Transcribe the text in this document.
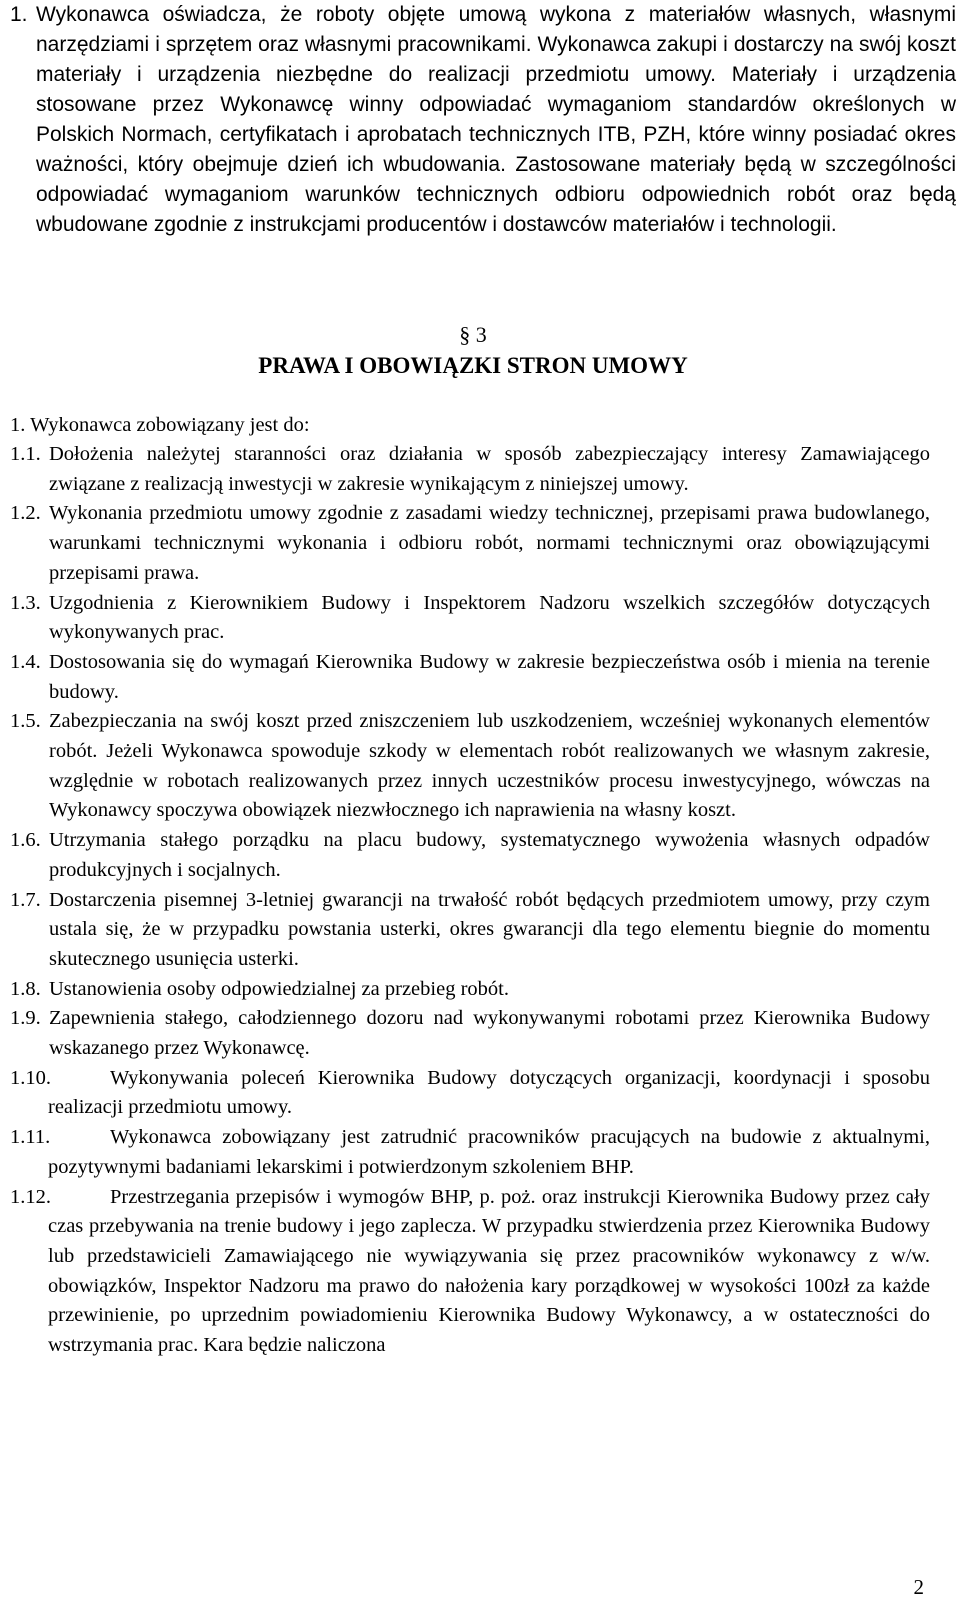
1. Wykonawca oświadcza, że roboty objęte umową wykona z materiałów własnych, własnymi narzędziami i sprzętem oraz własnymi pracownikami. Wykonawca zakupi i dostarczy na swój koszt materiały i urządzenia niezbędne do realizacji przedmiotu umowy. Materiały i urządzenia stosowane przez Wykonawcę winny odpowiadać wymaganiom standardów określonych w Polskich Normach, certyfikatach i aprobatach technicznych ITB, PZH, które winny posiadać okres ważności, który obejmuje dzień ich wbudowania. Zastosowane materiały będą w szczególności odpowiadać wymaganiom warunków technicznych odbioru odpowiednich robót oraz będą wbudowane zgodnie z instrukcjami producentów i dostawców materiałów i technologii.
§ 3
PRAWA I OBOWIĄZKI STRON UMOWY
1. Wykonawca zobowiązany jest do:
1.1. Dołożenia należytej staranności oraz działania w sposób zabezpieczający interesy Zamawiającego związane z realizacją inwestycji w zakresie wynikającym z niniejszej umowy.
1.2. Wykonania przedmiotu umowy zgodnie z zasadami wiedzy technicznej, przepisami prawa budowlanego, warunkami technicznymi wykonania i odbioru robót, normami technicznymi oraz obowiązującymi przepisami prawa.
1.3. Uzgodnienia z Kierownikiem Budowy i Inspektorem Nadzoru wszelkich szczegółów dotyczących wykonywanych prac.
1.4. Dostosowania się do wymagań Kierownika Budowy w zakresie bezpieczeństwa osób i mienia na terenie budowy.
1.5. Zabezpieczania na swój koszt przed zniszczeniem lub uszkodzeniem, wcześniej wykonanych elementów robót. Jeżeli Wykonawca spowoduje szkody w elementach robót realizowanych we własnym zakresie, względnie w robotach realizowanych przez innych uczestników procesu inwestycyjnego, wówczas na Wykonawcy spoczywa obowiązek niezwłocznego ich naprawienia na własny koszt.
1.6. Utrzymania stałego porządku na placu budowy, systematycznego wywożenia własnych odpadów produkcyjnych i socjalnych.
1.7. Dostarczenia pisemnej 3-letniej gwarancji na trwałość robót będących przedmiotem umowy, przy czym ustala się, że w przypadku powstania usterki, okres gwarancji dla tego elementu biegnie do momentu skutecznego usunięcia usterki.
1.8. Ustanowienia osoby odpowiedzialnej za przebieg robót.
1.9. Zapewnienia stałego, całodziennego dozoru nad wykonywanymi robotami przez Kierownika Budowy wskazanego przez Wykonawcę.
1.10.	Wykonywania poleceń Kierownika Budowy dotyczących organizacji, koordynacji i sposobu realizacji przedmiotu umowy.
1.11.	Wykonawca zobowiązany jest zatrudnić pracowników pracujących na budowie z aktualnymi, pozytywnymi badaniami lekarskimi i potwierdzonym szkoleniem BHP.
1.12.	Przestrzegania przepisów i wymogów BHP, p. poż. oraz instrukcji Kierownika Budowy przez cały czas przebywania na trenie budowy i jego zaplecza. W przypadku stwierdzenia przez Kierownika Budowy lub przedstawicieli Zamawiającego nie wywiązywania się przez pracowników wykonawcy z w/w. obowiązków, Inspektor Nadzoru ma prawo do nałożenia kary porządkowej w wysokości 100zł za każde przewinienie, po uprzednim powiadomieniu Kierownika Budowy Wykonawcy, a w ostateczności do wstrzymania prac. Kara będzie naliczona
2
